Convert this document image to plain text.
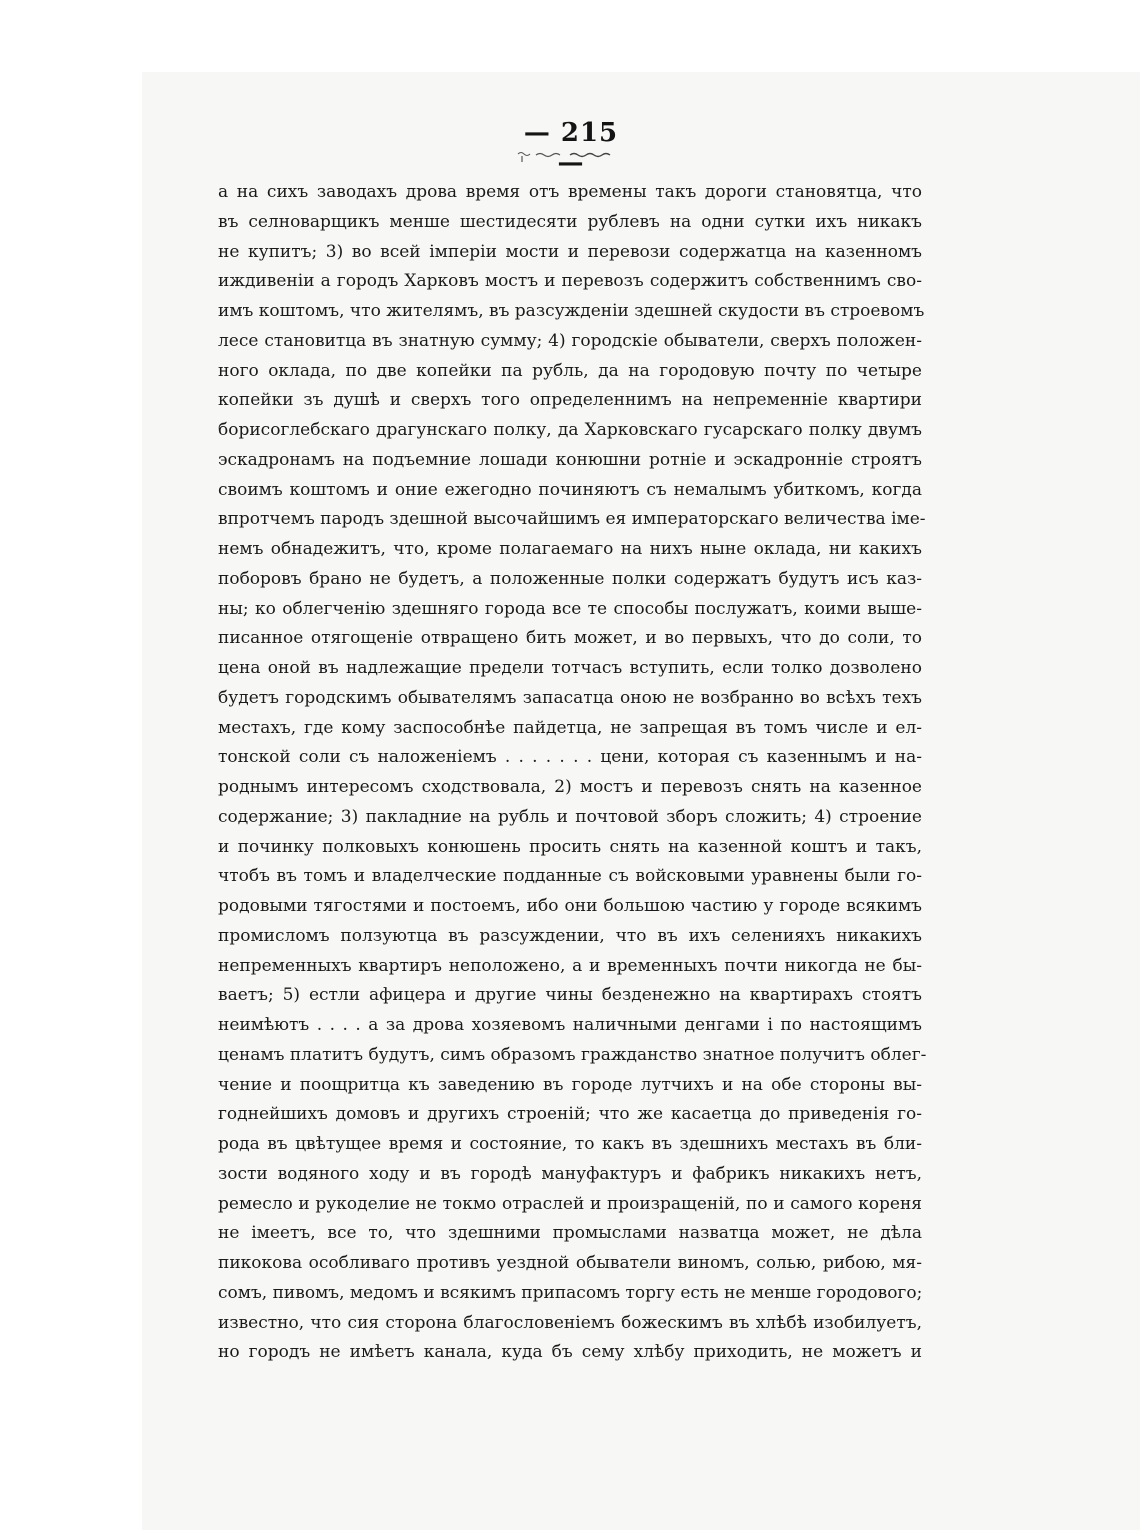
— 215 —
а на сихъ заводахъ дрова время отъ времены такъ дороги становятца, что
въ селноварщикъ менше шестидесяти рублевъ на одни сутки ихъ никакъ
не купитъ; 3) во всей імперіи мости и перевози содержатца на казенномъ
иждивеніи а городъ Харковъ мостъ и перевозъ содержитъ собственнимъ сво-
имъ коштомъ, что жителямъ, въ разсужденіи здешней скудости въ строевомъ
лесе становитца въ знатную сумму; 4) городскіе обыватели, сверхъ положен-
ного оклада, по две копейки па рубль, да на городовую почту по четыре
копейки зъ душѣ и сверхъ того определеннимъ на непременніе квартири
борисоглебскаго драгунскаго полку, да Харковскаго гусарскаго полку двумъ
эскадронамъ на подъемние лошади конюшни ротніе и эскадронніе строятъ
своимъ коштомъ и оние ежегодно починяютъ съ немалымъ убиткомъ, когда
впротчемъ пародъ здешной высочайшимъ ея императорскаго величества іме-
немъ обнадежитъ, что, кроме полагаемаго на нихъ ныне оклада, ни какихъ
поборовъ брано не будетъ, а положенные полки содержатъ будутъ исъ каз-
ны; ко облегченію здешняго города все те способы послужатъ, коими выше-
писанное отягощеніе отвращено бить может, и во первыхъ, что до соли, то
цена оной въ надлежащие предели тотчасъ вступить, если толко дозволено
будетъ городскимъ обывателямъ запасатца оною не возбранно во всѣхъ техъ
местахъ, где кому заспособнѣе пайдетца, не запрещая въ томъ числе и ел-
тонской соли съ наложеніемъ . . . . . . . цени, которая съ казеннымъ и на-
роднымъ интересомъ сходствовала, 2) мостъ и перевозъ снять на казенное
содержание; 3) пакладние на рубль и почтовой зборъ сложить; 4) строение
и починку полковыхъ конюшень просить снять на казенной коштъ и такъ,
чтобъ въ томъ и владелческие подданные съ войсковыми уравнены были го-
родовыми тягостями и постоемъ, ибо они большою частию у городе всякимъ
промисломъ ползуютца въ разсуждении, что въ ихъ селенияхъ никакихъ
непременныхъ квартиръ неположено, а и временныхъ почти никогда не бы-
ваетъ; 5) естли афицера и другие чины безденежно на квартирахъ стоятъ
неимѣютъ . . . . а за дрова хозяевомъ наличными денгами і по настоящимъ
ценамъ платитъ будутъ, симъ образомъ гражданство знатное получитъ облег-
чение и поощритца къ заведению въ городе лутчихъ и на обе стороны вы-
годнейшихъ домовъ и другихъ строеній; что же касаетца до приведенія го-
рода въ цвѣтущее время и состояние, то какъ въ здешнихъ местахъ въ бли-
зости водяного ходу и въ городѣ мануфактуръ и фабрикъ никакихъ нетъ,
ремесло и рукоделие не токмо отраслей и произращеній, по и самого кореня
не імеетъ, все то, что здешними промыслами назватца может, не дѣла
пикокова особливаго противъ уездной обыватели виномъ, солью, рибою, мя-
сомъ, пивомъ, медомъ и всякимъ припасомъ торгу есть не менше городового;
известно, что сия сторона благословеніемъ божескимъ въ хлѣбѣ изобилуетъ,
но городъ не имѣетъ канала, куда бъ сему хлѣбу приходить, не можетъ и
